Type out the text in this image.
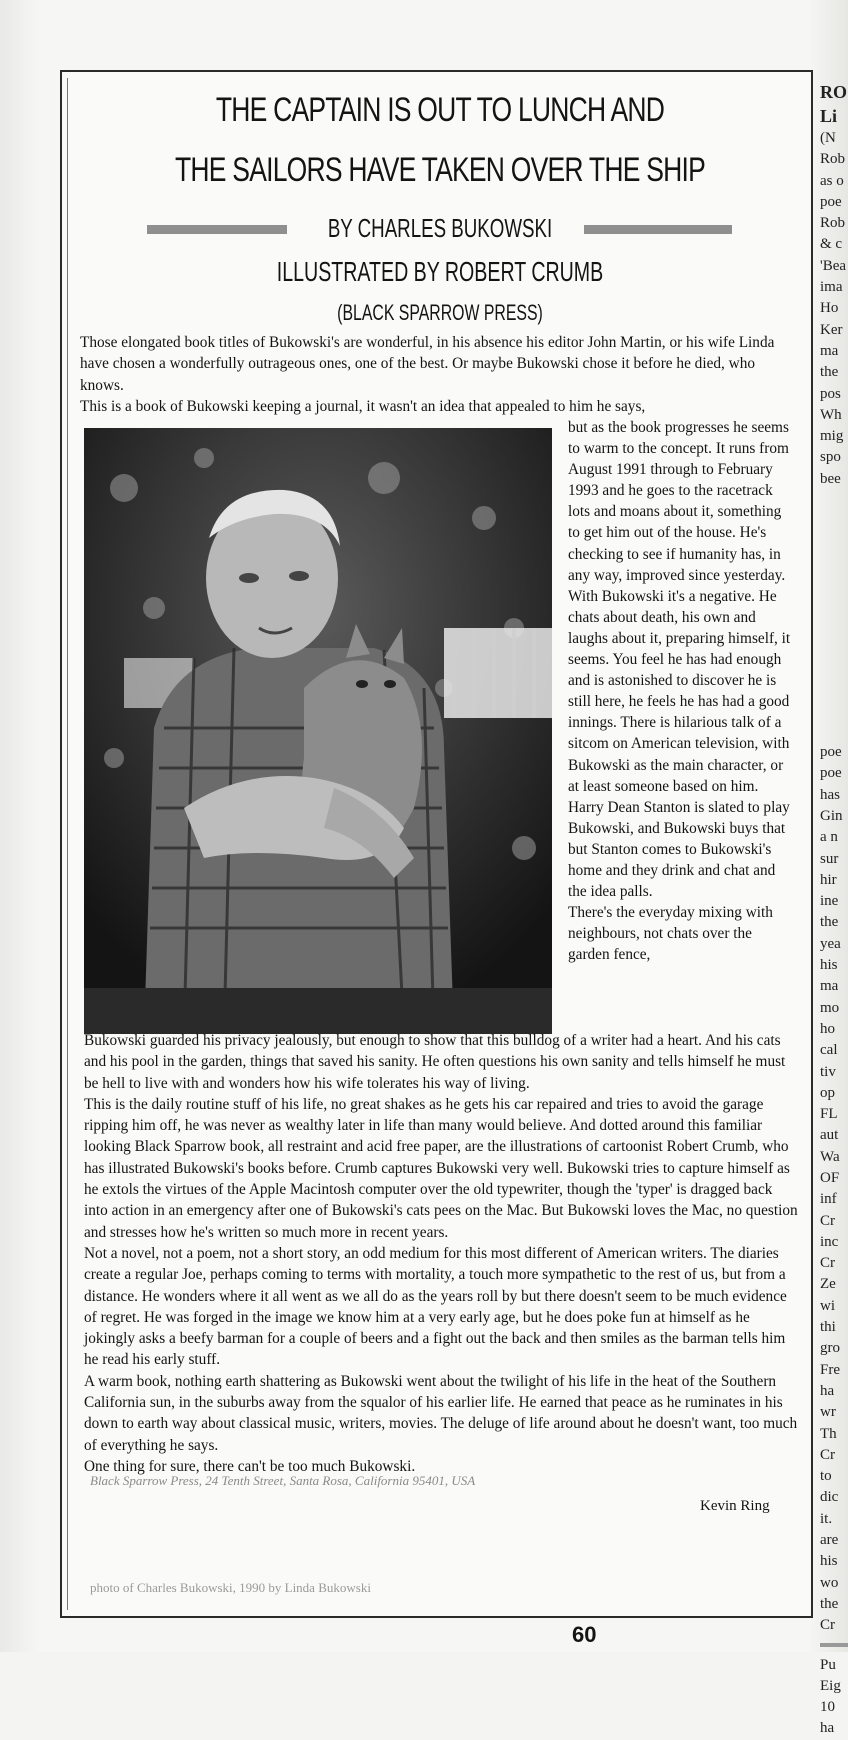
THE CAPTAIN IS OUT TO LUNCH AND
THE SAILORS HAVE TAKEN OVER THE SHIP
BY CHARLES BUKOWSKI
ILLUSTRATED BY ROBERT CRUMB
(BLACK SPARROW PRESS)

Those elongated book titles of Bukowski's are wonderful, in his absence his editor John Martin, or his wife Linda have chosen a wonderfully outrageous ones, one of the best. Or maybe Bukowski chose it before he died, who knows.

This is a book of Bukowski keeping a journal, it wasn't an idea that appealed to him he says,

but as the book progresses he seems to warm to the concept. It runs from August 1991 through to February 1993 and he goes to the racetrack lots and moans about it, something to get him out of the house. He's checking to see if humanity has, in any way, improved since yesterday. With Bukowski it's a negative. He chats about death, his own and laughs about it, preparing himself, it seems. You feel he has had enough and is astonished to discover he is still here, he feels he has had a good innings. There is hilarious talk of a sitcom on American television, with Bukowski as the main character, or at least someone based on him. Harry Dean Stanton is slated to play Bukowski, and Bukowski buys that but Stanton comes to Bukowski's home and they drink and chat and the idea palls.
There's the everyday mixing with neighbours, not chats over the garden fence,

Bukowski guarded his privacy jealously, but enough to show that this bulldog of a writer had a heart. And his cats and his pool in the garden, things that saved his sanity. He often questions his own sanity and tells himself he must be hell to live with and wonders how his wife tolerates his way of living.

This is the daily routine stuff of his life, no great shakes as he gets his car repaired and tries to avoid the garage ripping him off, he was never as wealthy later in life than many would believe. And dotted around this familiar looking Black Sparrow book, all restraint and acid free paper, are the illustrations of cartoonist Robert Crumb, who has illustrated Bukowski's books before. Crumb captures Bukowski very well. Bukowski tries to capture himself as he extols the virtues of the Apple Macintosh computer over the old typewriter, though the 'typer' is dragged back into action in an emergency after one of Bukowski's cats pees on the Mac. But Bukowski loves the Mac, no question and stresses how he's written so much more in recent years.

Not a novel, not a poem, not a short story, an odd medium for this most different of American writers. The diaries create a regular Joe, perhaps coming to terms with mortality, a touch more sympathetic to the rest of us, but from a distance. He wonders where it all went as we all do as the years roll by but there doesn't seem to be much evidence of regret. He was forged in the image we know him at a very early age, but he does poke fun at himself as he jokingly asks a beefy barman for a couple of beers and a fight out the back and then smiles as the barman tells him he read his early stuff.

A warm book, nothing earth shattering as Bukowski went about the twilight of his life in the heat of the Southern California sun, in the suburbs away from the squalor of his earlier life. He earned that peace as he ruminates in his down to earth way about classical music, writers, movies. The deluge of life around about he doesn't want, too much of everything he says.

One thing for sure, there can't be too much Bukowski.

Black Sparrow Press, 24 Tenth Street, Santa Rosa, California 95401, USA
Kevin Ring
photo of Charles Bukowski, 1990 by Linda Bukowski
60
RO
Li
(N
Rob
as o
poe
Rob
& c
'Bea
ima
Ho
Ker
ma
the
pos
Wh
mig
spo
bee
poe
poe
has
Gin
a n
sur
hir
ine
the
yea
his
ma
mo
ho
cal
tiv
op
FL
aut
Wa
OF
inf
Cr
inc
Cr
Ze
wi
thi
gro
Fre
ha
wr
Th
Cr
to
dic
it.
are
his
wo
the
Cr
Pu
Eig
10
ha
